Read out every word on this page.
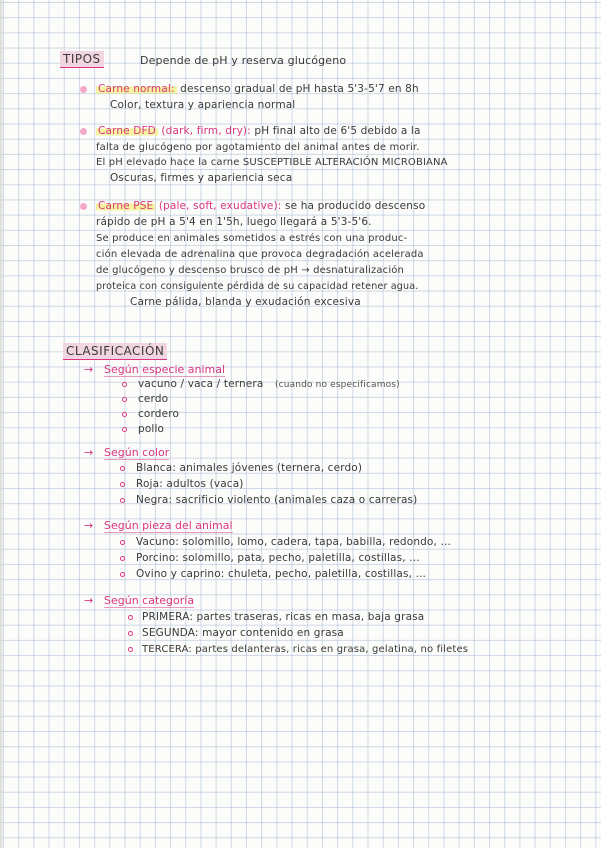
TIPOS	Depende de pH y reserva glucógeno
Carne normal: descenso gradual de pH hasta 5'3-5'7 en 8h
Color, textura y apariencia normal
Carne DFD (dark, firm, dry): pH final alto de 6'5 debido a la
falta de glucógeno por agotamiento del animal antes de morir.
El pH elevado hace la carne SUSCEPTIBLE ALTERACIÓN MICROBIANA
Oscuras, firmes y apariencia seca
Carne PSE (pale, soft, exudative): se ha producido descenso
rápido de pH a 5'4 en 1'5h, luego llegará a 5'3-5'6.
Se produce en animales sometidos a estrés con una produc-
ción elevada de adrenalina que provoca degradación acelerada
de glucógeno y descenso brusco de pH → desnaturalización
proteica con consiguiente pérdida de su capacidad retener agua.
Carne pálida, blanda y exudación excesiva
CLASIFICACIÓN
→ Según especie animal
vacuno / vaca / ternera (cuando no especificamos)
cerdo
cordero
pollo
→ Según color
Blanca: animales jóvenes (ternera, cerdo)
Roja: adultos (vaca)
Negra: sacrificio violento (animales caza o carreras)
→ Según pieza del animal
Vacuno: solomillo, lomo, cadera, tapa, babilla, redondo, ...
Porcino: solomillo, pata, pecho, paletilla, costillas, ...
Ovino y caprino: chuleta, pecho, paletilla, costillas, ...
→ Según categoría
PRIMERA: partes traseras, ricas en masa, baja grasa
SEGUNDA: mayor contenido en grasa
TERCERA: partes delanteras, ricas en grasa, gelatina, no filetes
